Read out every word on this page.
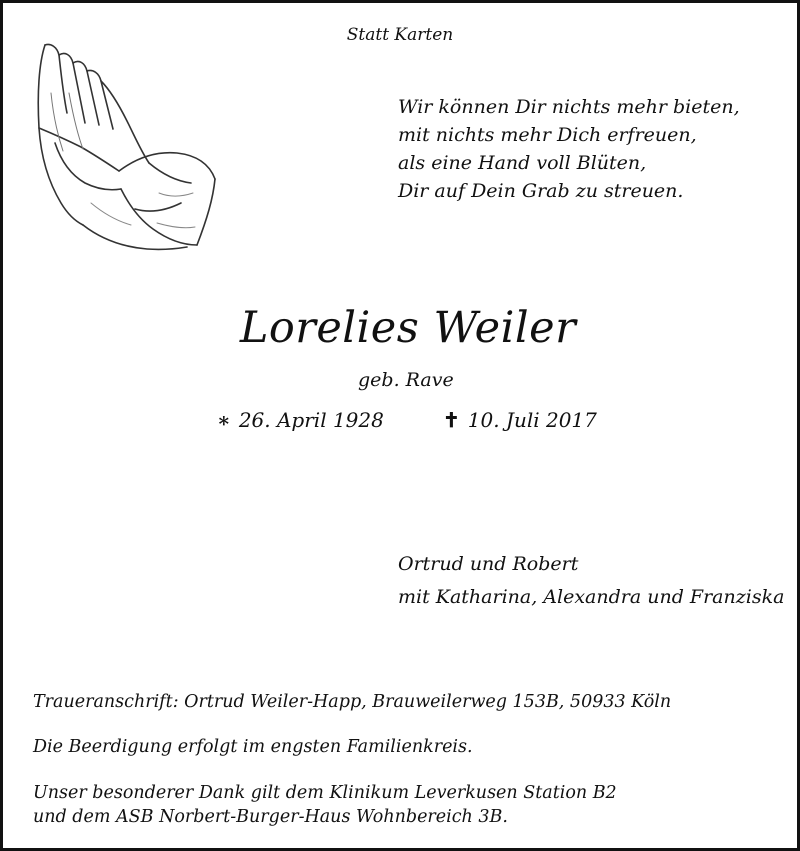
Statt Karten
Wir können Dir nichts mehr bieten,
mit nichts mehr Dich erfreuen,
als eine Hand voll Blüten,
Dir auf Dein Grab zu streuen.
Lorelies Weiler
geb. Rave
∗ 26. April 1928	✝ 10. Juli 2017
Ortrud und Robert
mit Katharina, Alexandra und Franziska
Traueranschrift: Ortrud Weiler-Happ, Brauweilerweg 153B, 50933 Köln
Die Beerdigung erfolgt im engsten Familienkreis.
Unser besonderer Dank gilt dem Klinikum Leverkusen Station B2
und dem ASB Norbert-Burger-Haus Wohnbereich 3B.
